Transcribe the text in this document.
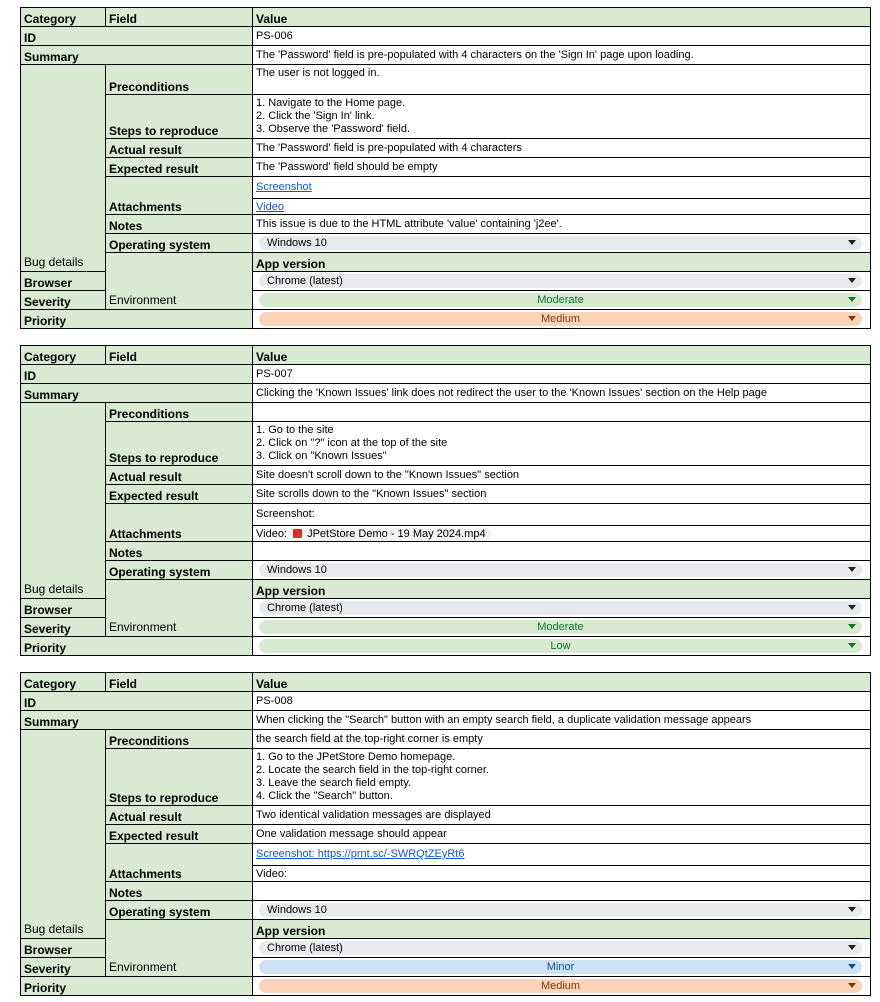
Category	Field	Value	
ID		PS-006	
Summary		The 'Password' field is pre-populated with 4 characters on the 'Sign In' page upon loading.	
Bug details	Preconditions	The user is not logged in.	
	Steps to reproduce	1. Navigate to the Home page.
2. Click the 'Sign In' link.
3. Observe the 'Password' field.	
	Actual result	The 'Password' field is pre-populated with 4 characters	
	Expected result	The 'Password' field should be empty	
	Attachments	Screenshot
Video	

	Notes	This issue is due to the HTML attribute 'value' containing 'j2ee'.	
	Operating system	Windows 10	

	Environment	App version	
Browser		Chrome (latest)	

Severity		Moderate	

Priority		Medium	
Category	Field	Value	
ID		PS-007	
Summary		Clicking the 'Known Issues' link does not redirect the user to the 'Known Issues' section on the Help page	
Bug details	Preconditions		
	Steps to reproduce	1. Go to the site
2. Click on "?" icon at the top of the site
3. Click on "Known Issues"	
	Actual result	Site doesn't scroll down to the "Known Issues" section	
	Expected result	Site scrolls down to the "Known Issues" section	
	Attachments	Screenshot:
Video: JPetStore Demo - 19 May 2024.mp4	

	Notes		
	Operating system	Windows 10	

	Environment	App version	
Browser		Chrome (latest)	

Severity		Moderate	

Priority		Low	
Category	Field	Value	
ID		PS-008	
Summary		When clicking the "Search" button with an empty search field, a duplicate validation message appears	
Bug details	Preconditions	the search field at the top-right corner is empty	
	Steps to reproduce	1. Go to the JPetStore Demo homepage.
2. Locate the search field in the top-right corner.
3. Leave the search field empty.
4. Click the "Search" button.	
	Actual result	Two identical validation messages are displayed	
	Expected result	One validation message should appear	
	Attachments	Screenshot: https://prnt.sc/-SWRQtZEyRt6
Video:	

	Notes		
	Operating system	Windows 10	

	Environment	App version	
Browser		Chrome (latest)	

Severity		Minor	

Priority		Medium	
